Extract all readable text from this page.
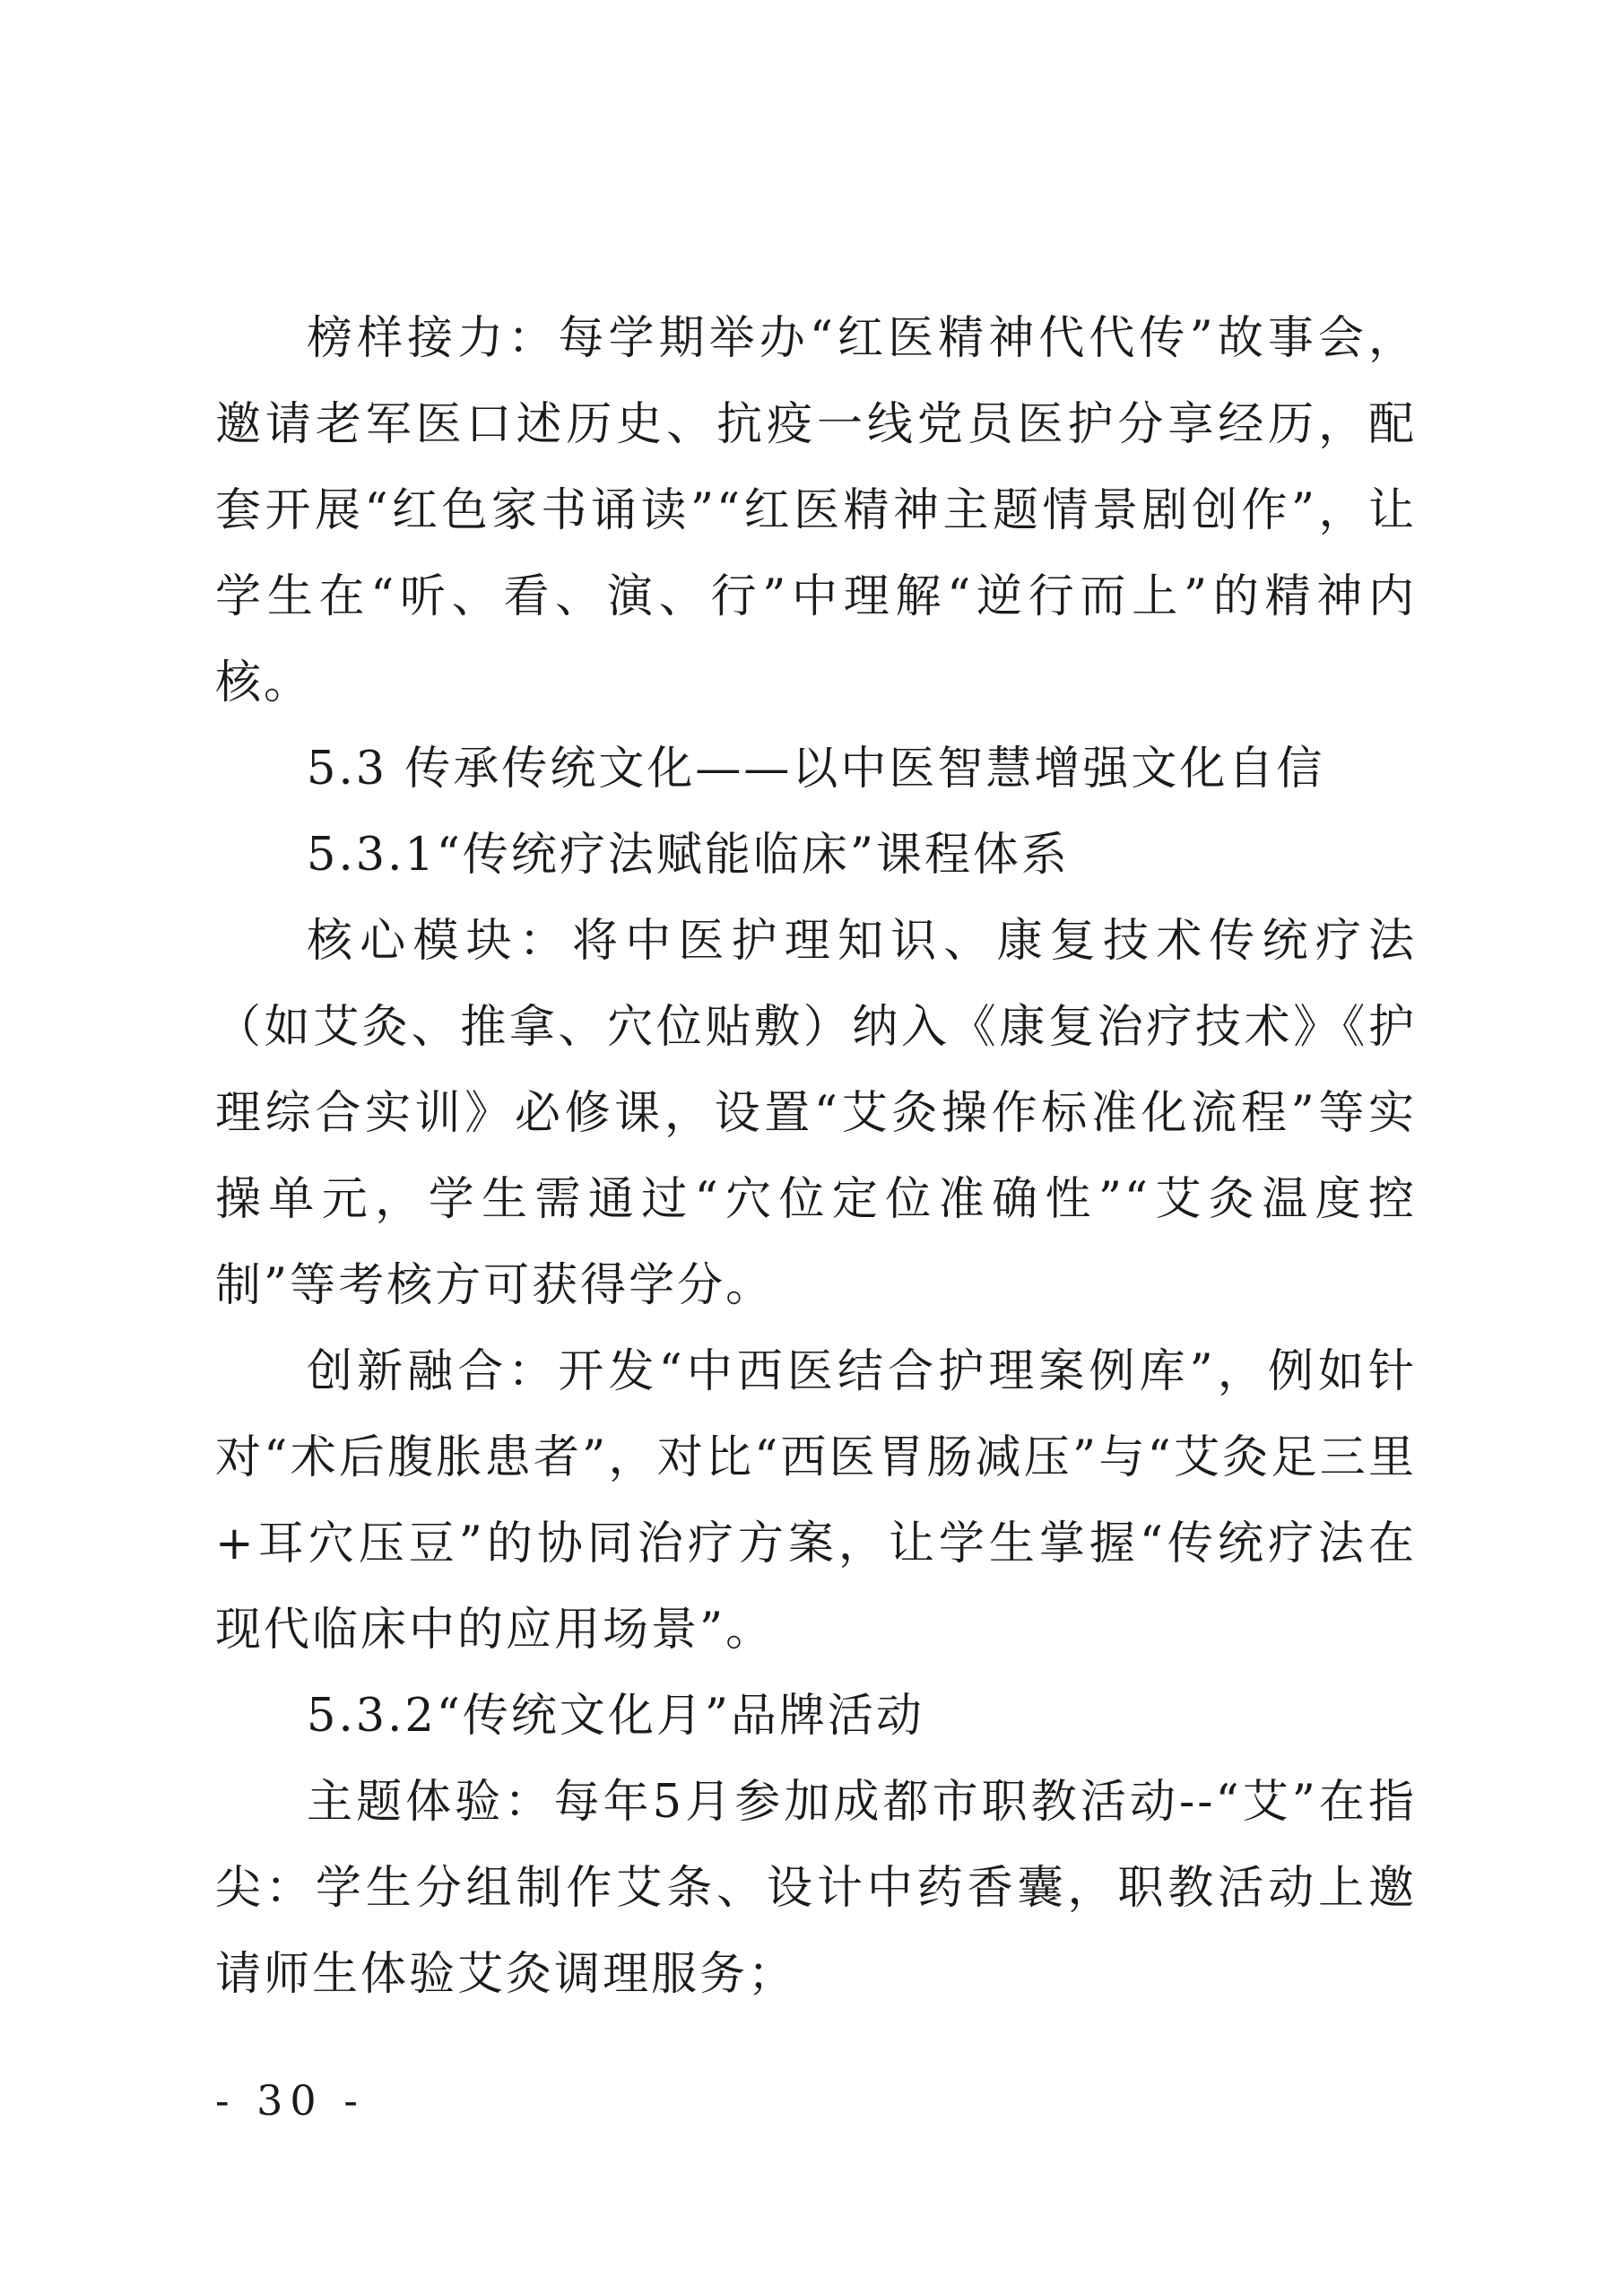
榜样接力：每学期举办“红医精神代代传”故事会，邀请老军医口述历史、抗疫一线党员医护分享经历，配套开展“红色家书诵读”“红医精神主题情景剧创作”，让学生在“听、看、演、行”中理解“逆行而上”的精神内核。

5.3 传承传统文化——以中医智慧增强文化自信

5.3.1“传统疗法赋能临床”课程体系

核心模块：将中医护理知识、康复技术传统疗法（如艾灸、推拿、穴位贴敷）纳入《康复治疗技术》《护理综合实训》必修课，设置“艾灸操作标准化流程”等实操单元，学生需通过“穴位定位准确性”“艾灸温度控制”等考核方可获得学分。

创新融合：开发“中西医结合护理案例库”，例如针对“术后腹胀患者”，对比“西医胃肠减压”与“艾灸足三里+耳穴压豆”的协同治疗方案，让学生掌握“传统疗法在现代临床中的应用场景”。

5.3.2“传统文化月”品牌活动

主题体验：每年5月参加成都市职教活动--“艾”在指尖：学生分组制作艾条、设计中药香囊，职教活动上邀请师生体验艾灸调理服务；

- 30 -
